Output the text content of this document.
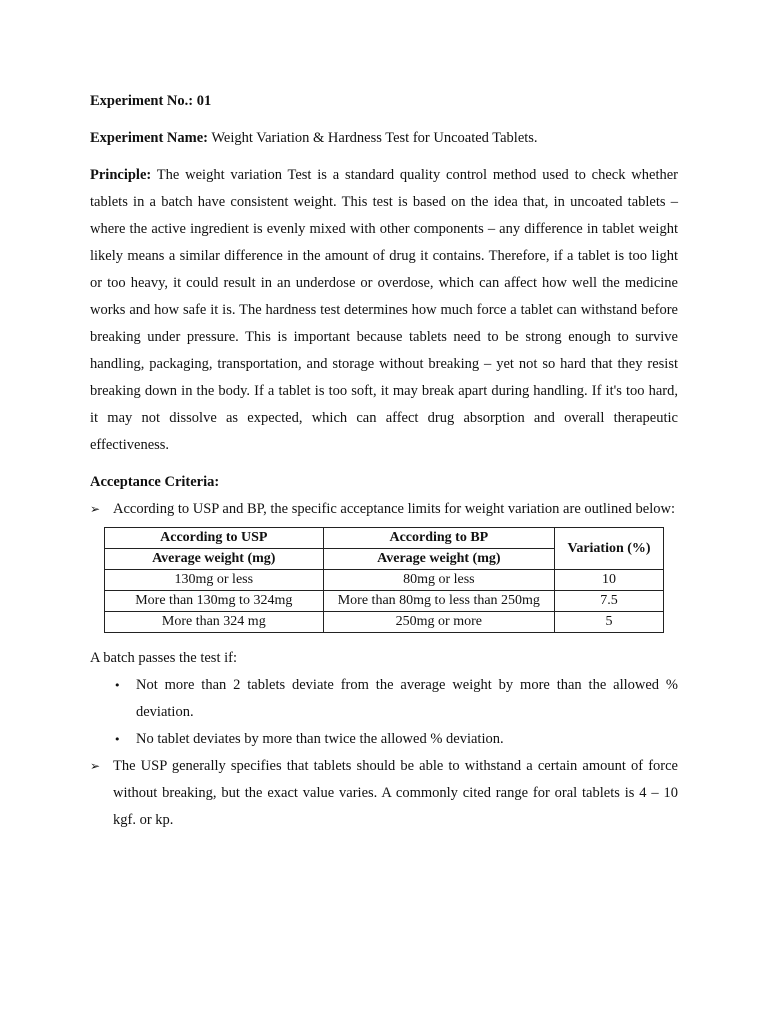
Experiment No.: 01

Experiment Name: Weight Variation & Hardness Test for Uncoated Tablets.

Principle: The weight variation Test is a standard quality control method used to check whether tablets in a batch have consistent weight. This test is based on the idea that, in uncoated tablets – where the active ingredient is evenly mixed with other components – any difference in tablet weight likely means a similar difference in the amount of drug it contains. Therefore, if a tablet is too light or too heavy, it could result in an underdose or overdose, which can affect how well the medicine works and how safe it is. The hardness test determines how much force a tablet can withstand before breaking under pressure. This is important because tablets need to be strong enough to survive handling, packaging, transportation, and storage without breaking – yet not so hard that they resist breaking down in the body. If a tablet is too soft, it may break apart during handling. If it's too hard, it may not dissolve as expected, which can affect drug absorption and overall therapeutic effectiveness.

Acceptance Criteria:

➢ According to USP and BP, the specific acceptance limits for weight variation are outlined below:
According to USP	According to BP	Variation (%)
Average weight (mg)	Average weight (mg)	
130mg or less	80mg or less	10
More than 130mg to 324mg	More than 80mg to less than 250mg	7.5
More than 324 mg	250mg or more	5

A batch passes the test if:

• Not more than 2 tablets deviate from the average weight by more than the allowed % deviation.
• No tablet deviates by more than twice the allowed % deviation.
➢ The USP generally specifies that tablets should be able to withstand a certain amount of force without breaking, but the exact value varies. A commonly cited range for oral tablets is 4 – 10 kgf. or kp.
